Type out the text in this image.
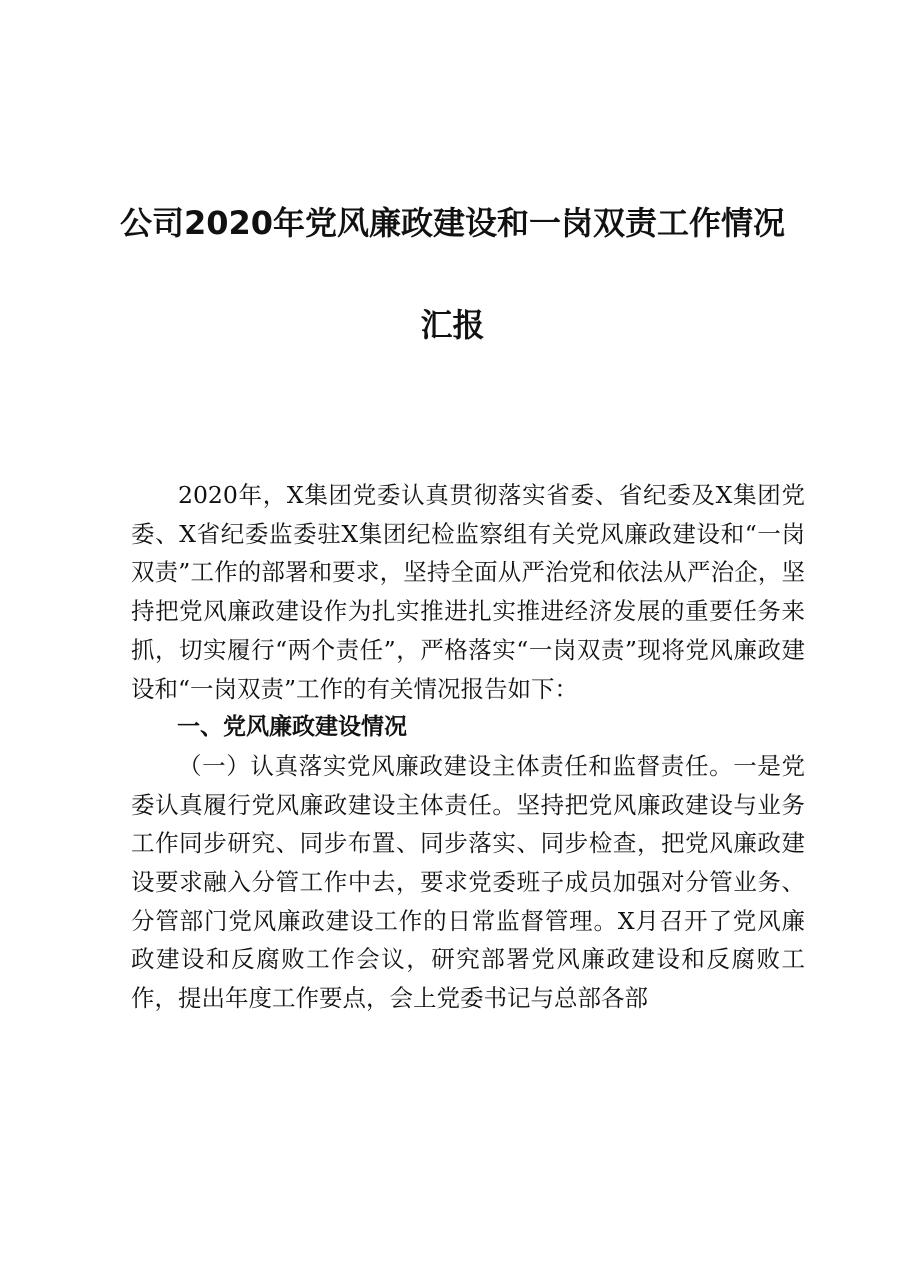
公司2020年党风廉政建设和一岗双责工作情况
汇报

2020年，X集团党委认真贯彻落实省委、省纪委及X集团党委、X省纪委监委驻X集团纪检监察组有关党风廉政建设和“一岗双责”工作的部署和要求，坚持全面从严治党和依法从严治企，坚持把党风廉政建设作为扎实推进扎实推进经济发展的重要任务来抓，切实履行“两个责任”，严格落实“一岗双责”现将党风廉政建设和“一岗双责”工作的有关情况报告如下：

一、党风廉政建设情况

（一）认真落实党风廉政建设主体责任和监督责任。一是党委认真履行党风廉政建设主体责任。坚持把党风廉政建设与业务工作同步研究、同步布置、同步落实、同步检查，把党风廉政建设要求融入分管工作中去，要求党委班子成员加强对分管业务、分管部门党风廉政建设工作的日常监督管理。X月召开了党风廉政建设和反腐败工作会议，研究部署党风廉政建设和反腐败工作，提出年度工作要点，会上党委书记与总部各部
